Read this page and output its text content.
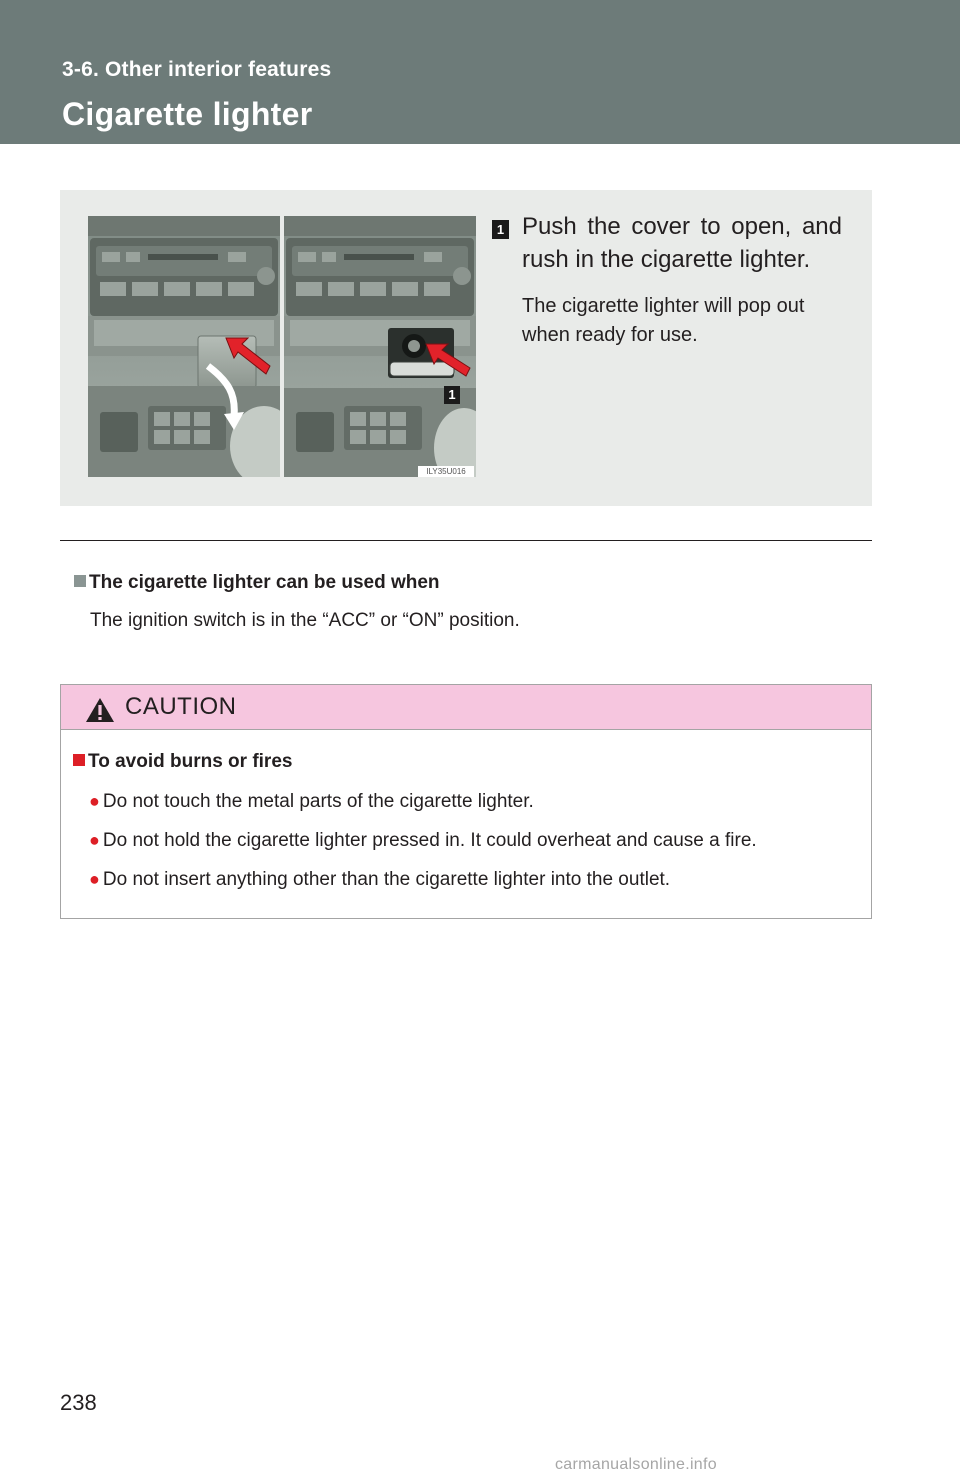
3-6. Other interior features
Cigarette lighter
1
ILY35U016
1 Push the cover to open, and rush in the cigarette lighter.
The cigarette lighter will pop out when ready for use.
The cigarette lighter can be used when
The ignition switch is in the “ACC” or “ON” position.
CAUTION
To avoid burns or fires
● Do not touch the metal parts of the cigarette lighter.
● Do not hold the cigarette lighter pressed in. It could overheat and cause a fire.
● Do not insert anything other than the cigarette lighter into the outlet.
238
carmanualsonline.info
